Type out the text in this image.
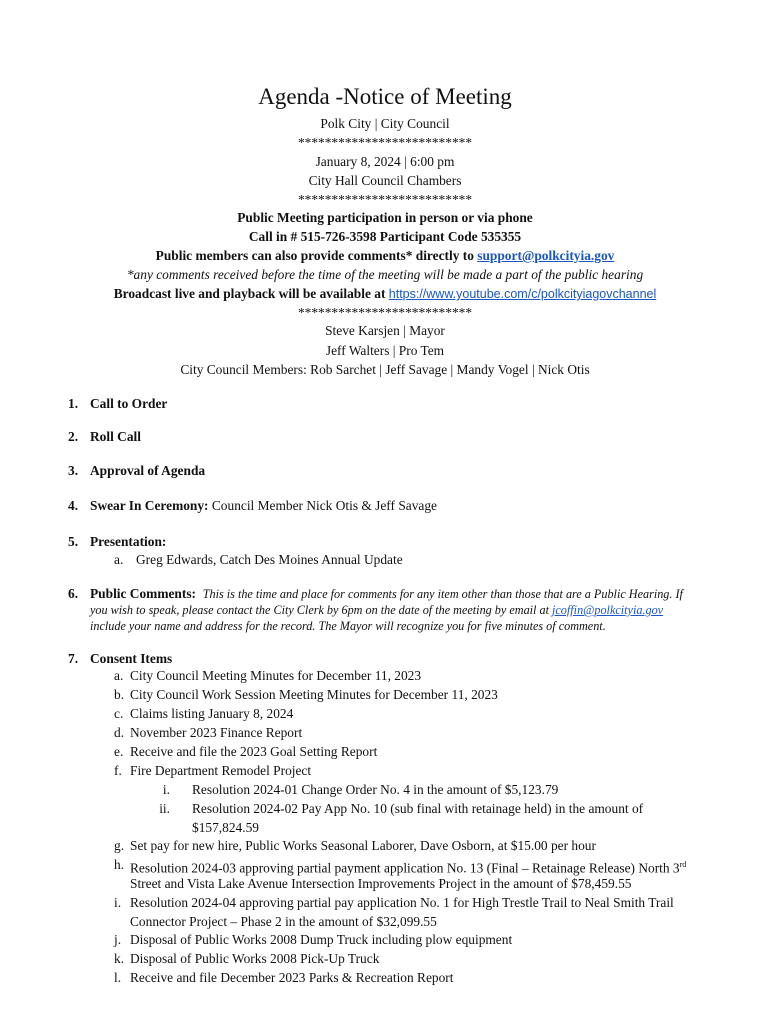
Agenda -Notice of Meeting
Polk City | City Council
**************************
January 8, 2024 | 6:00 pm
City Hall Council Chambers
**************************
Public Meeting participation in person or via phone
Call in # 515-726-3598 Participant Code 535355
Public members can also provide comments* directly to support@polkcityia.gov
*any comments received before the time of the meeting will be made a part of the public hearing
Broadcast live and playback will be available at https://www.youtube.com/c/polkcityiagovchannel
**************************
Steve Karsjen | Mayor
Jeff Walters | Pro Tem
City Council Members: Rob Sarchet | Jeff Savage | Mandy Vogel | Nick Otis
1. Call to Order
2. Roll Call
3. Approval of Agenda
4. Swear In Ceremony: Council Member Nick Otis & Jeff Savage
5. Presentation:
a. Greg Edwards, Catch Des Moines Annual Update
6. Public Comments: This is the time and place for comments for any item other than those that are a Public Hearing. If
you wish to speak, please contact the City Clerk by 6pm on the date of the meeting by email at jcoffin@polkcityia.gov
include your name and address for the record. The Mayor will recognize you for five minutes of comment.
7. Consent Items
a. City Council Meeting Minutes for December 11, 2023
b. City Council Work Session Meeting Minutes for December 11, 2023
c. Claims listing January 8, 2024
d. November 2023 Finance Report
e. Receive and file the 2023 Goal Setting Report
f. Fire Department Remodel Project
i. Resolution 2024-01 Change Order No. 4 in the amount of $5,123.79
ii. Resolution 2024-02 Pay App No. 10 (sub final with retainage held) in the amount of
$157,824.59
g. Set pay for new hire, Public Works Seasonal Laborer, Dave Osborn, at $15.00 per hour
h. Resolution 2024-03 approving partial payment application No. 13 (Final – Retainage Release) North 3rd
Street and Vista Lake Avenue Intersection Improvements Project in the amount of $78,459.55
i. Resolution 2024-04 approving partial pay application No. 1 for High Trestle Trail to Neal Smith Trail
Connector Project – Phase 2 in the amount of $32,099.55
j. Disposal of Public Works 2008 Dump Truck including plow equipment
k. Disposal of Public Works 2008 Pick-Up Truck
l. Receive and file December 2023 Parks & Recreation Report
